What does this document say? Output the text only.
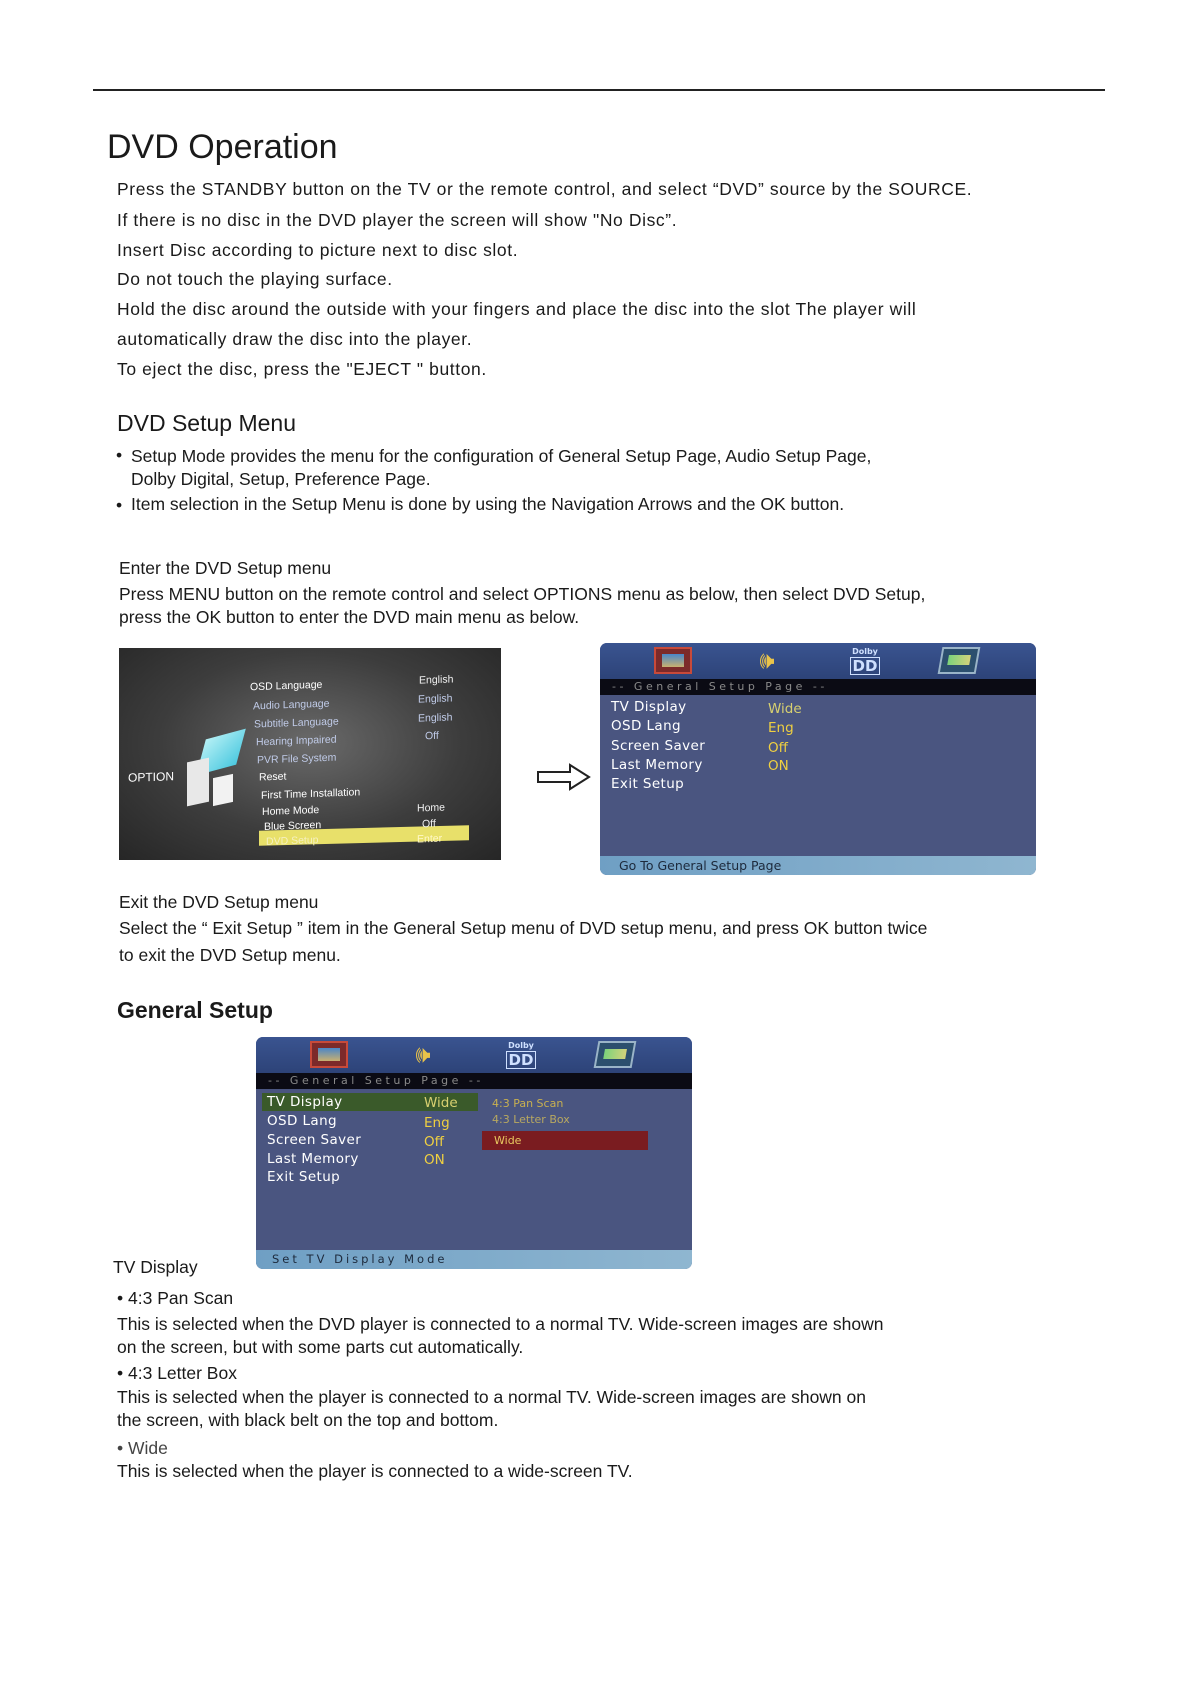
DVD Operation
Press the STANDBY button on the TV or the remote control, and select “DVD” source by the SOURCE.
If there is no disc in the DVD player the screen will show "No Disc”.
Insert Disc according to picture next to disc slot.
Do not touch the playing surface.
Hold the disc around the outside with your fingers and place the disc into the slot The player will
automatically draw the disc into the player.
To eject the disc, press the "EJECT " button.
DVD Setup Menu
• Setup Mode provides the menu for the configuration of General Setup Page, Audio Setup Page,
Dolby Digital, Setup, Preference Page.
• Item selection in the Setup Menu is done by using the Navigation Arrows and the OK button.
Enter the DVD Setup menu
Press MENU button on the remote control and select OPTIONS menu as below, then select DVD Setup,
press the OK button to enter the DVD main menu as below.
OPTION
OSD Language
Audio Language
Subtitle Language
Hearing Impaired
PVR File System
Reset
First Time Installation
Home Mode
Blue Screen
DVD Setup
English
English
English
Off
Home
Off
Enter
🕪	Dolby
DD
-- General Setup Page --
TV Display
OSD Lang
Screen Saver
Last Memory
Exit Setup
Wide
Eng
Off
ON
Go To General Setup Page
Exit the DVD Setup menu
Select the “ Exit Setup ” item in the General Setup menu of DVD setup menu, and press OK button twice
to exit the DVD Setup menu.
General Setup
🕪	Dolby
DD
-- General Setup Page --
TV Display
OSD Lang
Screen Saver
Last Memory
Exit Setup
Wide
Eng
Off
ON
4:3 Pan Scan
4:3 Letter Box
Wide
Set TV Display Mode
TV Display
• 4:3 Pan Scan
This is selected when the DVD player is connected to a normal TV. Wide-screen images are shown
on the screen, but with some parts cut automatically.
• 4:3 Letter Box
This is selected when the player is connected to a normal TV. Wide-screen images are shown on
the screen, with black belt on the top and bottom.
• Wide
This is selected when the player is connected to a wide-screen TV.
